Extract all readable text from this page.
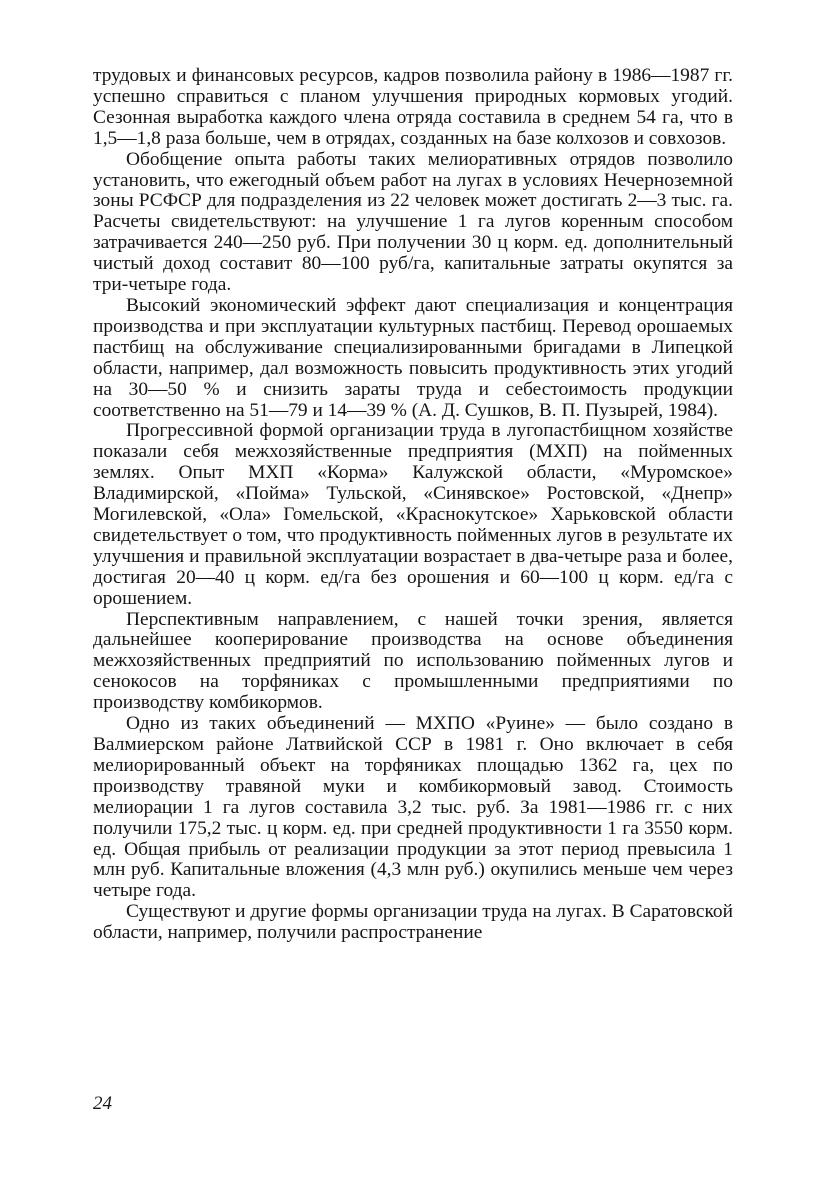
трудовых и финансовых ресурсов, кадров позволила району в 1986—1987 гг. успешно справиться с планом улучшения природных кормовых угодий. Сезонная выработка каждого члена отряда составила в среднем 54 га, что в 1,5—1,8 раза больше, чем в отрядах, созданных на базе колхозов и совхозов.

Обобщение опыта работы таких мелиоративных отрядов позволило установить, что ежегодный объем работ на лугах в условиях Нечерноземной зоны РСФСР для подразделения из 22 человек может достигать 2—3 тыс. га. Расчеты свидетельствуют: на улучшение 1 га лугов коренным способом затрачивается 240—250 руб. При получении 30 ц корм. ед. дополнительный чистый доход составит 80—100 руб/га, капитальные затраты окупятся за три-четыре года.

Высокий экономический эффект дают специализация и концентрация производства и при эксплуатации культурных пастбищ. Перевод орошаемых пастбищ на обслуживание специализированными бригадами в Липецкой области, например, дал возможность повысить продуктивность этих угодий на 30—50 % и снизить зараты труда и себестоимость продукции соответственно на 51—79 и 14—39 % (А. Д. Сушков, В. П. Пузырей, 1984).

Прогрессивной формой организации труда в лугопастбищном хозяйстве показали себя межхозяйственные предприятия (МХП) на пойменных землях. Опыт МХП «Корма» Калужской области, «Муромское» Владимирской, «Пойма» Тульской, «Синявское» Ростовской, «Днепр» Могилевской, «Ола» Гомельской, «Краснокутское» Харьковской области свидетельствует о том, что продуктивность пойменных лугов в результате их улучшения и правильной эксплуатации возрастает в два-четыре раза и более, достигая 20—40 ц корм. ед/га без орошения и 60—100 ц корм. ед/га с орошением.

Перспективным направлением, с нашей точки зрения, является дальнейшее кооперирование производства на основе объединения межхозяйственных предприятий по использованию пойменных лугов и сенокосов на торфяниках с промышленными предприятиями по производству комбикормов.

Одно из таких объединений — МХПО «Руине» — было создано в Валмиерском районе Латвийской ССР в 1981 г. Оно включает в себя мелиорированный объект на торфяниках площадью 1362 га, цех по производству травяной муки и комбикормовый завод. Стоимость мелиорации 1 га лугов составила 3,2 тыс. руб. За 1981—1986 гг. с них получили 175,2 тыс. ц корм. ед. при средней продуктивности 1 га 3550 корм. ед. Общая прибыль от реализации продукции за этот период превысила 1 млн руб. Капитальные вложения (4,3 млн руб.) окупились меньше чем через четыре года.

Существуют и другие формы организации труда на лугах. В Саратовской области, например, получили распространение

24
